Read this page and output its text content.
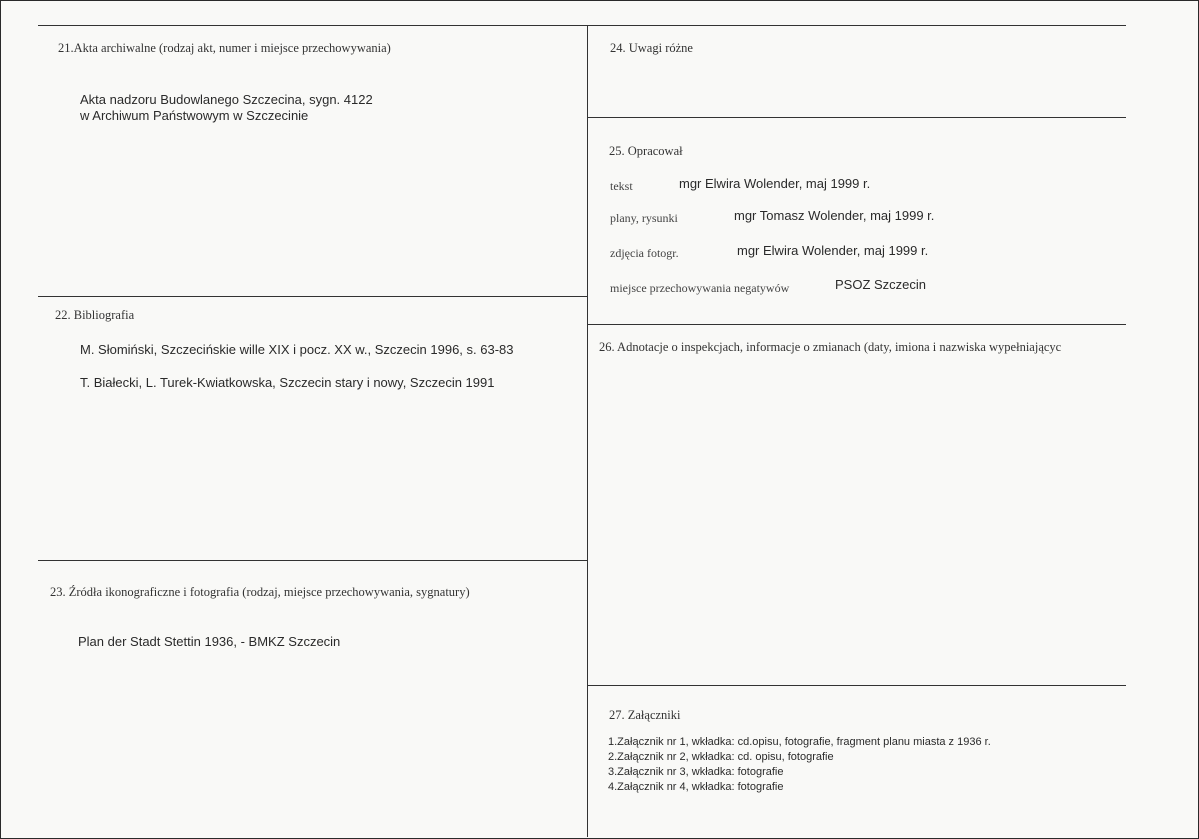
21.Akta archiwalne (rodzaj akt, numer i miejsce przechowywania)
Akta nadzoru Budowlanego Szczecina, sygn. 4122
w Archiwum Państwowym w Szczecinie
22. Bibliografia
M. Słomiński, Szczecińskie wille XIX i pocz. XX w., Szczecin 1996, s. 63-83
T. Białecki, L. Turek-Kwiatkowska, Szczecin stary i nowy, Szczecin 1991
23. Źródła ikonograficzne i fotografia (rodzaj, miejsce przechowywania, sygnatury)
Plan der Stadt Stettin 1936, - BMKZ Szczecin
24. Uwagi różne
25. Opracował
tekst	mgr Elwira Wolender, maj 1999 r.
plany, rysunki	mgr Tomasz Wolender, maj 1999 r.
zdjęcia fotogr.	mgr Elwira Wolender, maj 1999 r.
miejsce przechowywania negatywów	PSOZ Szczecin
26. Adnotacje o inspekcjach, informacje o zmianach (daty, imiona i nazwiska wypełniającyc
27. Załączniki
1.Załącznik nr 1, wkładka: cd.opisu, fotografie, fragment planu miasta z 1936 r.
2.Załącznik nr 2, wkładka: cd. opisu, fotografie
3.Załącznik nr 3, wkładka: fotografie
4.Załącznik nr 4, wkładka: fotografie
